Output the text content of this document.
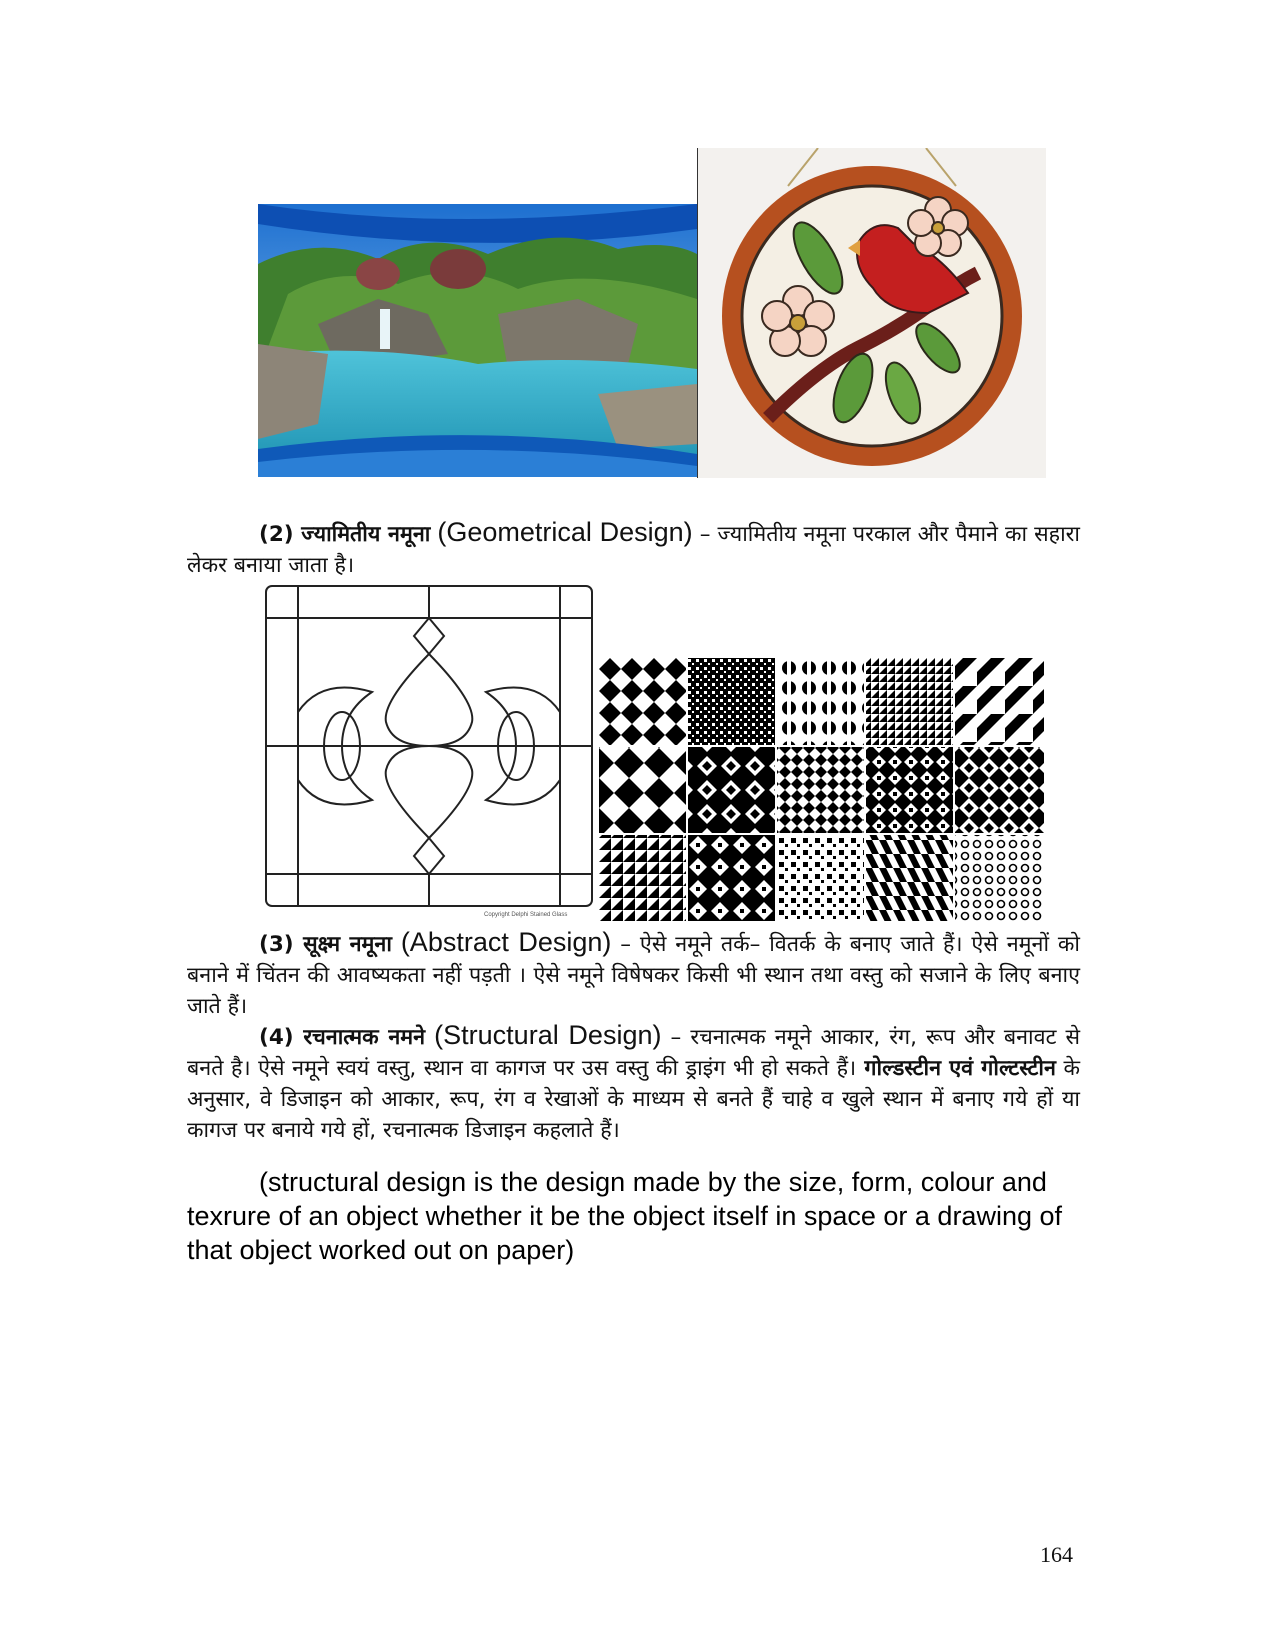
(2) ज्यामितीय नमूना (Geometrical Design) – ज्यामितीय नमूना परकाल और पैमाने का सहारा लेकर बनाया जाता है।
Copyright Delphi Stained Glass
(3) सूक्ष्म नमूना (Abstract Design) – ऐसे नमूने तर्क– वितर्क के बनाए जाते हैं। ऐसे नमूनों को बनाने में चिंतन की आवष्यकता नहीं पड़ती । ऐसे नमूने विषेषकर किसी भी स्थान तथा वस्तु को सजाने के लिए बनाए जाते हैं।
(4) रचनात्मक नमने (Structural Design) – रचनात्मक नमूने आकार, रंग, रूप और बनावट से बनते है। ऐसे नमूने स्वयं वस्तु, स्थान वा कागज पर उस वस्तु की ड्राइंग भी हो सकते हैं। गोल्डस्टीन एवं गोल्टस्टीन के अनुसार, वे डिजाइन को आकार, रूप, रंग व रेखाओं के माध्यम से बनते हैं चाहे व खुले स्थान में बनाए गये हों या कागज पर बनाये गये हों, रचनात्मक डिजाइन कहलाते हैं।
(structural design is the design made by the size, form, colour and texrure of an object whether it be the object itself in space or a drawing of that object worked out on paper)
164
